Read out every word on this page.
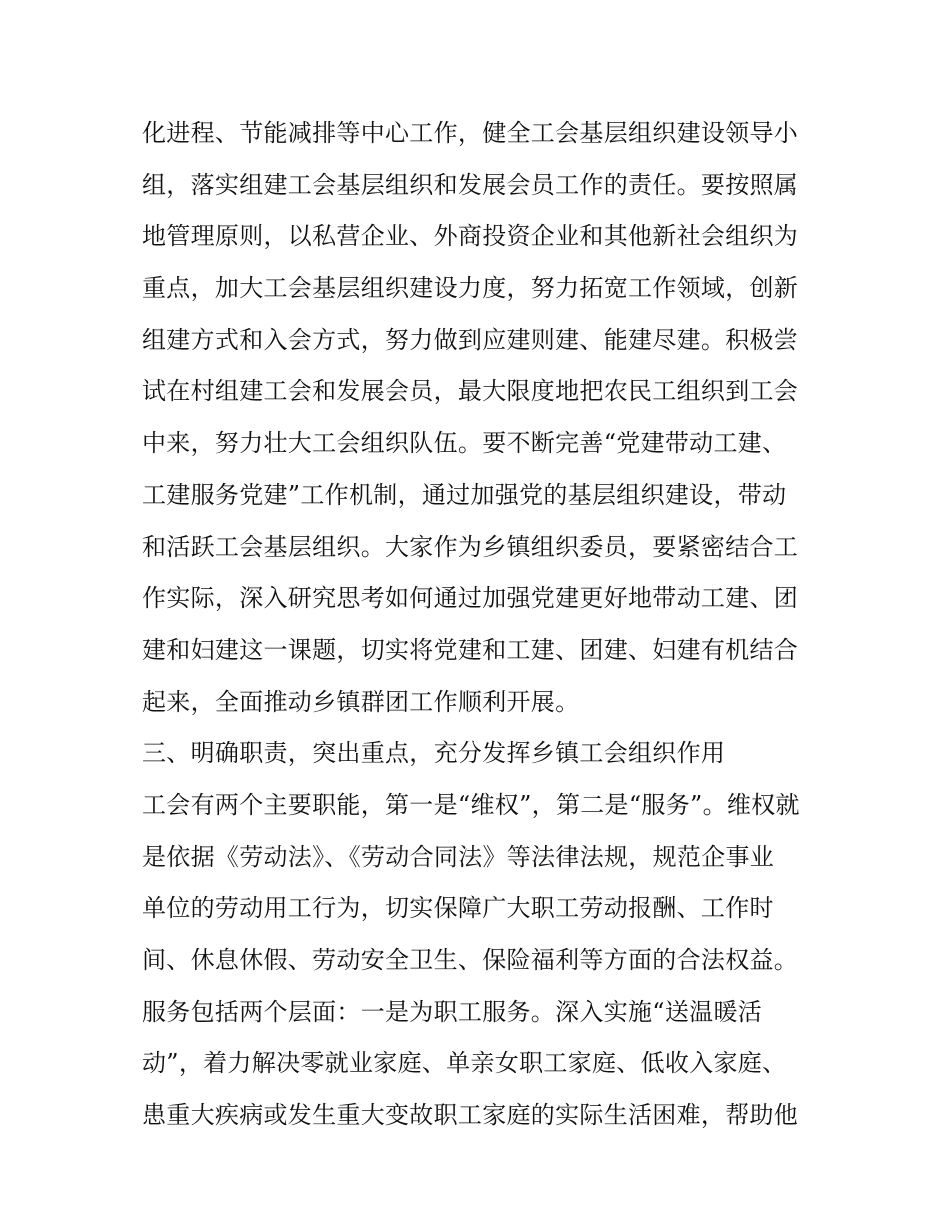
化进程、节能减排等中心工作，健全工会基层组织建设领导小
组，落实组建工会基层组织和发展会员工作的责任。要按照属
地管理原则，以私营企业、外商投资企业和其他新社会组织为
重点，加大工会基层组织建设力度，努力拓宽工作领域，创新
组建方式和入会方式，努力做到应建则建、能建尽建。积极尝
试在村组建工会和发展会员，最大限度地把农民工组织到工会
中来，努力壮大工会组织队伍。要不断完善“党建带动工建、
工建服务党建”工作机制，通过加强党的基层组织建设，带动
和活跃工会基层组织。大家作为乡镇组织委员，要紧密结合工
作实际，深入研究思考如何通过加强党建更好地带动工建、团
建和妇建这一课题，切实将党建和工建、团建、妇建有机结合
起来，全面推动乡镇群团工作顺利开展。
三、明确职责，突出重点，充分发挥乡镇工会组织作用
工会有两个主要职能，第一是“维权”，第二是“服务”。维权就
是依据《劳动法》、《劳动合同法》等法律法规，规范企事业
单位的劳动用工行为，切实保障广大职工劳动报酬、工作时
间、休息休假、劳动安全卫生、保险福利等方面的合法权益。
服务包括两个层面：一是为职工服务。深入实施“送温暖活
动”，着力解决零就业家庭、单亲女职工家庭、低收入家庭、
患重大疾病或发生重大变故职工家庭的实际生活困难，帮助他
